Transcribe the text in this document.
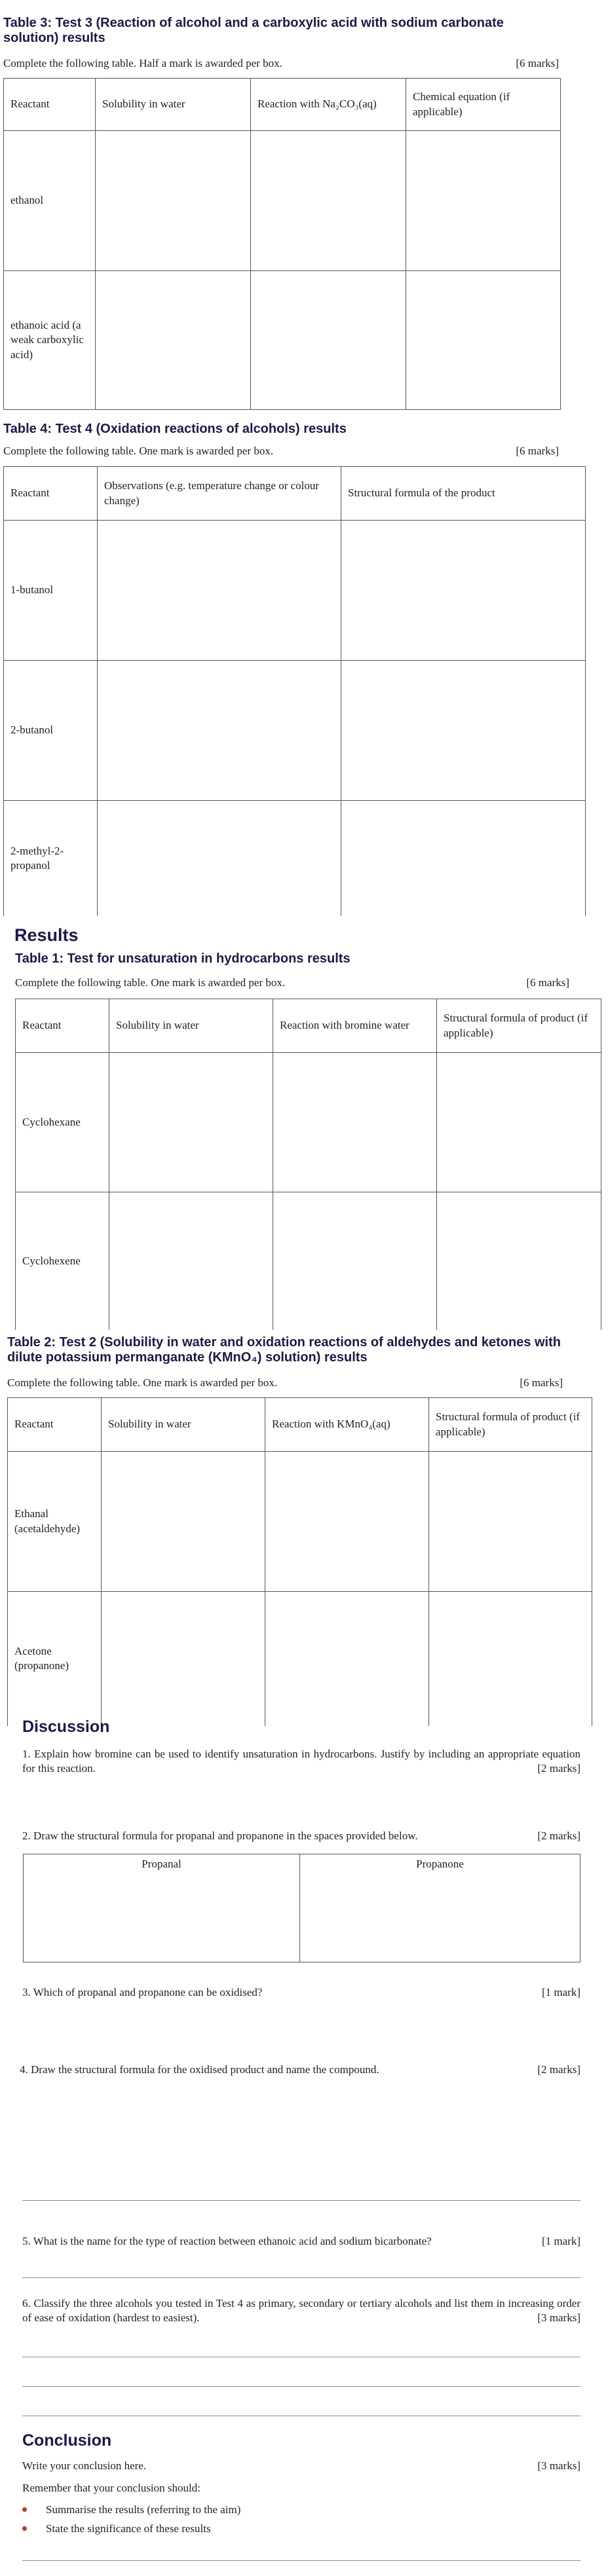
Table 3: Test 3 (Reaction of alcohol and a carboxylic acid with sodium carbonate solution) results
Complete the following table. Half a mark is awarded per box.	[6 marks]
Reactant	Solubility in water	Reaction with Na₂CO₃(aq)	Chemical equation (if applicable)
ethanol			
ethanoic acid (a weak carboxylic acid)			
Table 4: Test 4 (Oxidation reactions of alcohols) results
Complete the following table. One mark is awarded per box.	[6 marks]
Reactant	Observations (e.g. temperature change or colour change)	Structural formula of the product
1-butanol		
2-butanol		
2-methyl-2-propanol		
Results
Table 1: Test for unsaturation in hydrocarbons results
Complete the following table. One mark is awarded per box.	[6 marks]
Reactant	Solubility in water	Reaction with bromine water	Structural formula of product (if applicable)
Cyclohexane			
Cyclohexene			
Table 2: Test 2 (Solubility in water and oxidation reactions of aldehydes and ketones with dilute potassium permanganate (KMnO₄) solution) results
Complete the following table. One mark is awarded per box.	[6 marks]
Reactant	Solubility in water	Reaction with KMnO₄(aq)	Structural formula of product (if applicable)
Ethanal (acetaldehyde)			
Acetone (propanone)			
Discussion
1. Explain how bromine can be used to identify unsaturation in hydrocarbons. Justify by including an appropriate equation for this reaction.	[2 marks]
2. Draw the structural formula for propanal and propanone in the spaces provided below.	[2 marks]
Propanal	Propanone
3. Which of propanal and propanone can be oxidised?	[1 mark]
4. Draw the structural formula for the oxidised product and name the compound.	[2 marks]
5. What is the name for the type of reaction between ethanoic acid and sodium bicarbonate?	[1 mark]
6. Classify the three alcohols you tested in Test 4 as primary, secondary or tertiary alcohols and list them in increasing order of ease of oxidation (hardest to easiest).	[3 marks]
Conclusion
Write your conclusion here.	[3 marks]
Remember that your conclusion should:
Summarise the results (referring to the aim)
State the significance of these results
